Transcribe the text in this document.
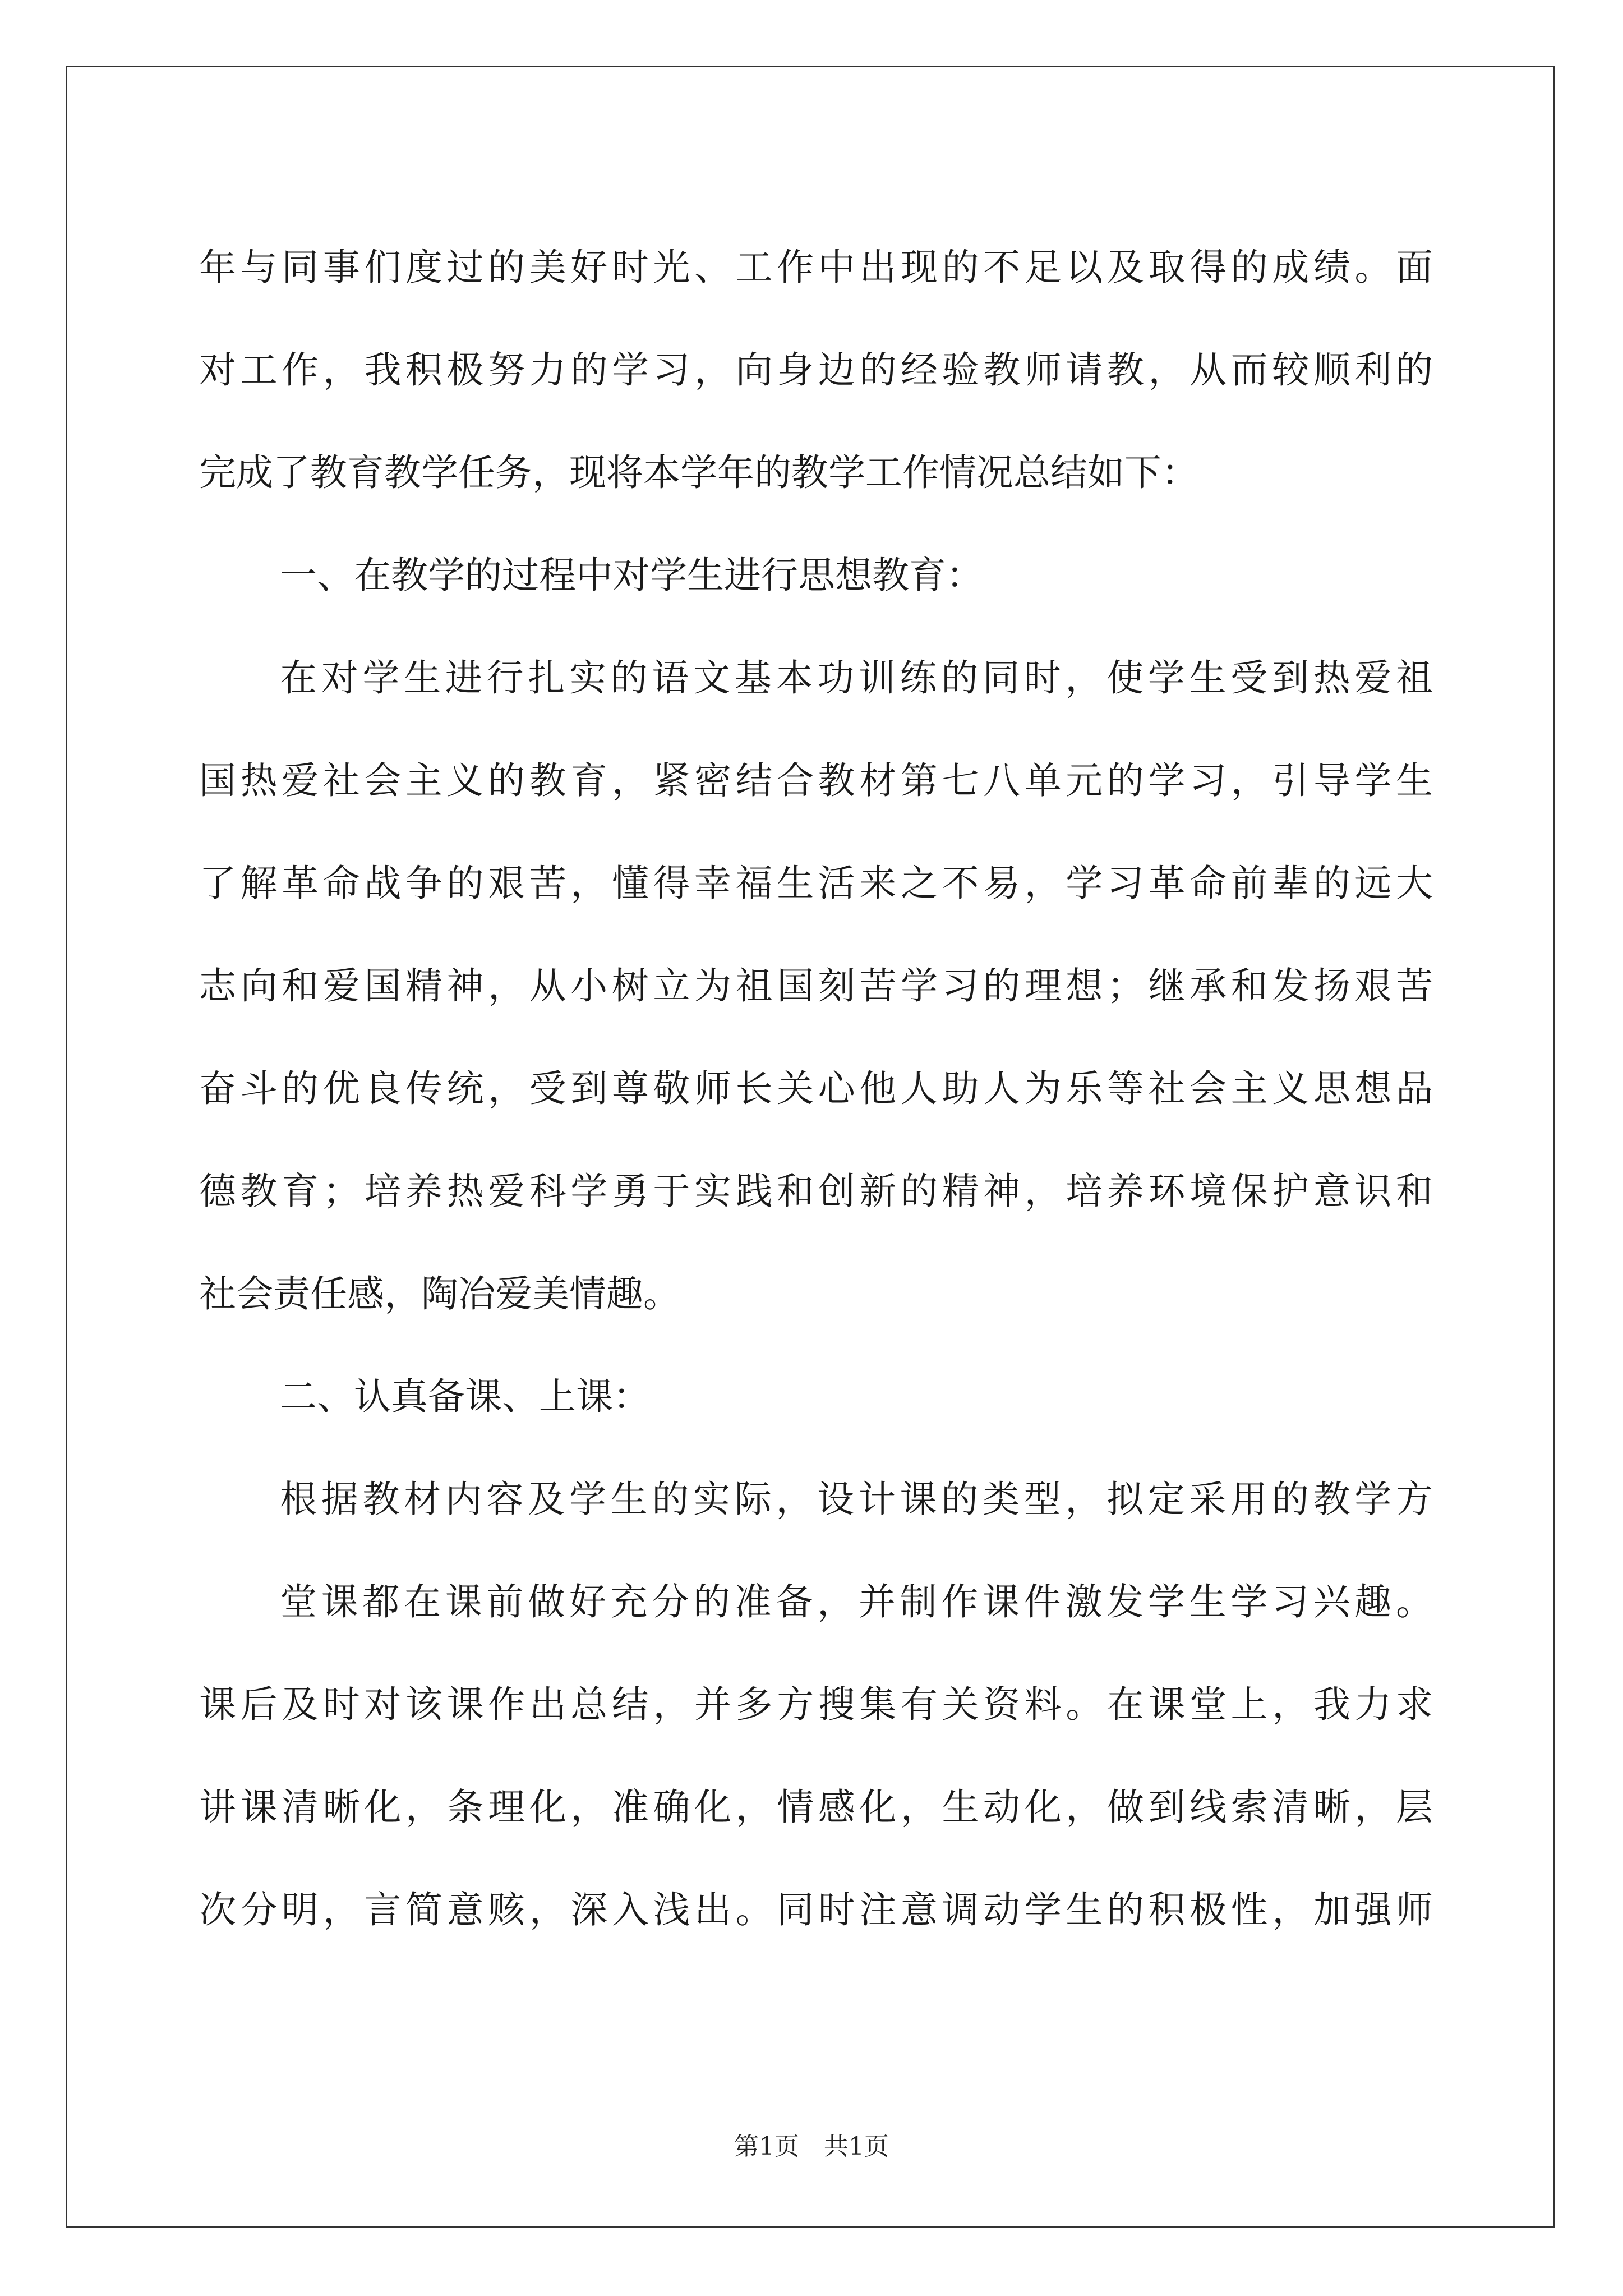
年与同事们度过的美好时光、工作中出现的不足以及取得的成绩。面
对工作，我积极努力的学习，向身边的经验教师请教，从而较顺利的
完成了教育教学任务，现将本学年的教学工作情况总结如下：
一、在教学的过程中对学生进行思想教育：
在对学生进行扎实的语文基本功训练的同时，使学生受到热爱祖
国热爱社会主义的教育，紧密结合教材第七八单元的学习，引导学生
了解革命战争的艰苦，懂得幸福生活来之不易，学习革命前辈的远大
志向和爱国精神，从小树立为祖国刻苦学习的理想；继承和发扬艰苦
奋斗的优良传统，受到尊敬师长关心他人助人为乐等社会主义思想品
德教育；培养热爱科学勇于实践和创新的精神，培养环境保护意识和
社会责任感，陶冶爱美情趣。
二、认真备课、上课：
根据教材内容及学生的实际，设计课的类型，拟定采用的教学方
堂课都在课前做好充分的准备，并制作课件激发学生学习兴趣。
课后及时对该课作出总结，并多方搜集有关资料。在课堂上，我力求
讲课清晰化，条理化，准确化，情感化，生动化，做到线索清晰，层
次分明，言简意赅，深入浅出。同时注意调动学生的积极性，加强师
第1页　共1页
